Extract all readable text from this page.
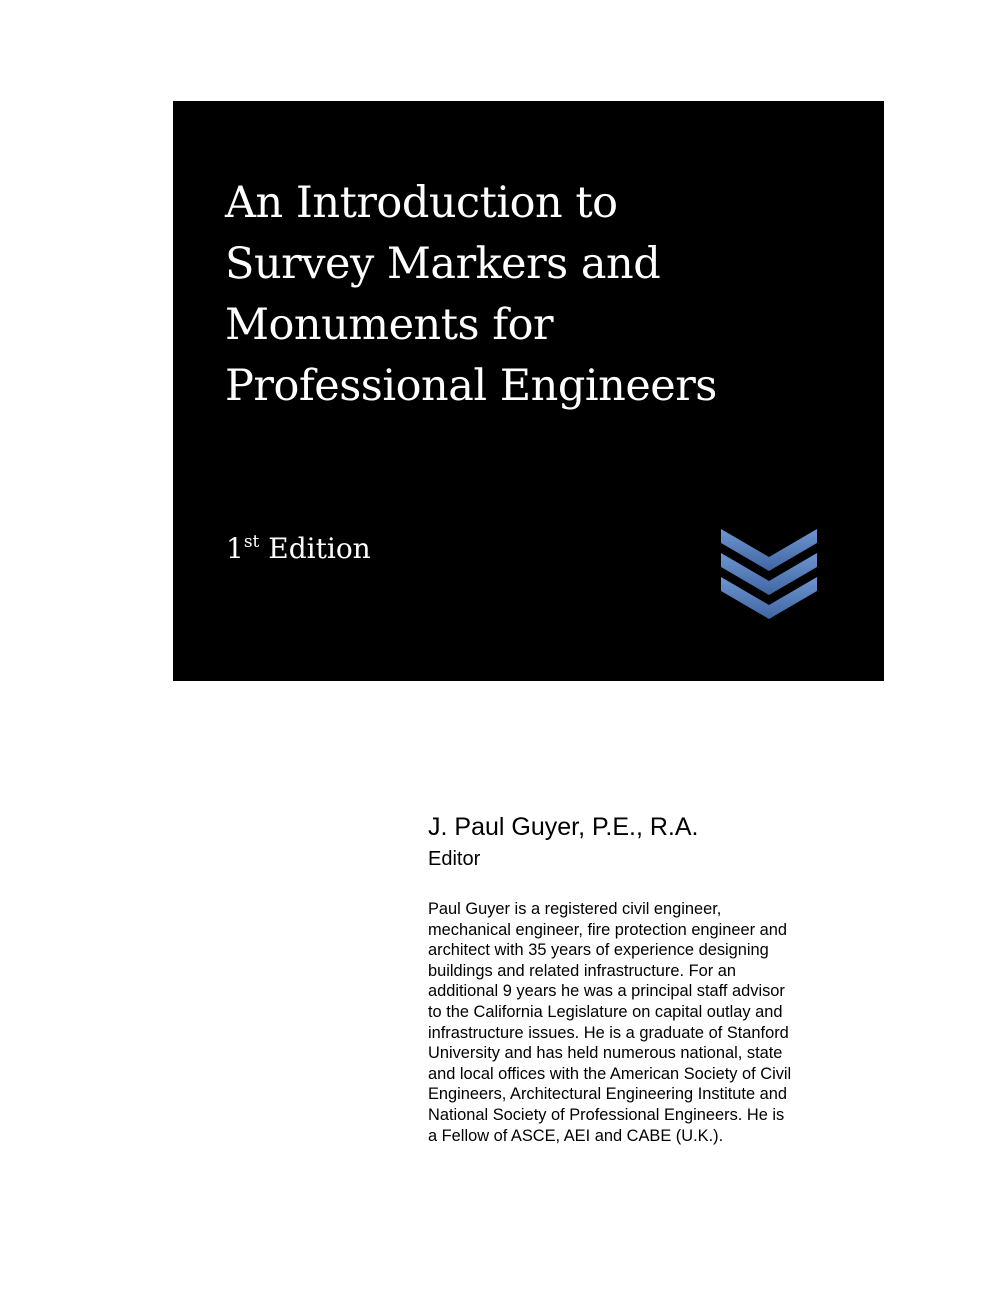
An Introduction to
Survey Markers and
Monuments for
Professional Engineers
1st Edition
J. Paul Guyer, P.E., R.A.
Editor
Paul Guyer is a registered civil engineer,
mechanical engineer, fire protection engineer and
architect with 35 years of experience designing
buildings and related infrastructure. For an
additional 9 years he was a principal staff advisor
to the California Legislature on capital outlay and
infrastructure issues. He is a graduate of Stanford
University and has held numerous national, state
and local offices with the American Society of Civil
Engineers, Architectural Engineering Institute and
National Society of Professional Engineers. He is
a Fellow of ASCE, AEI and CABE (U.K.).
